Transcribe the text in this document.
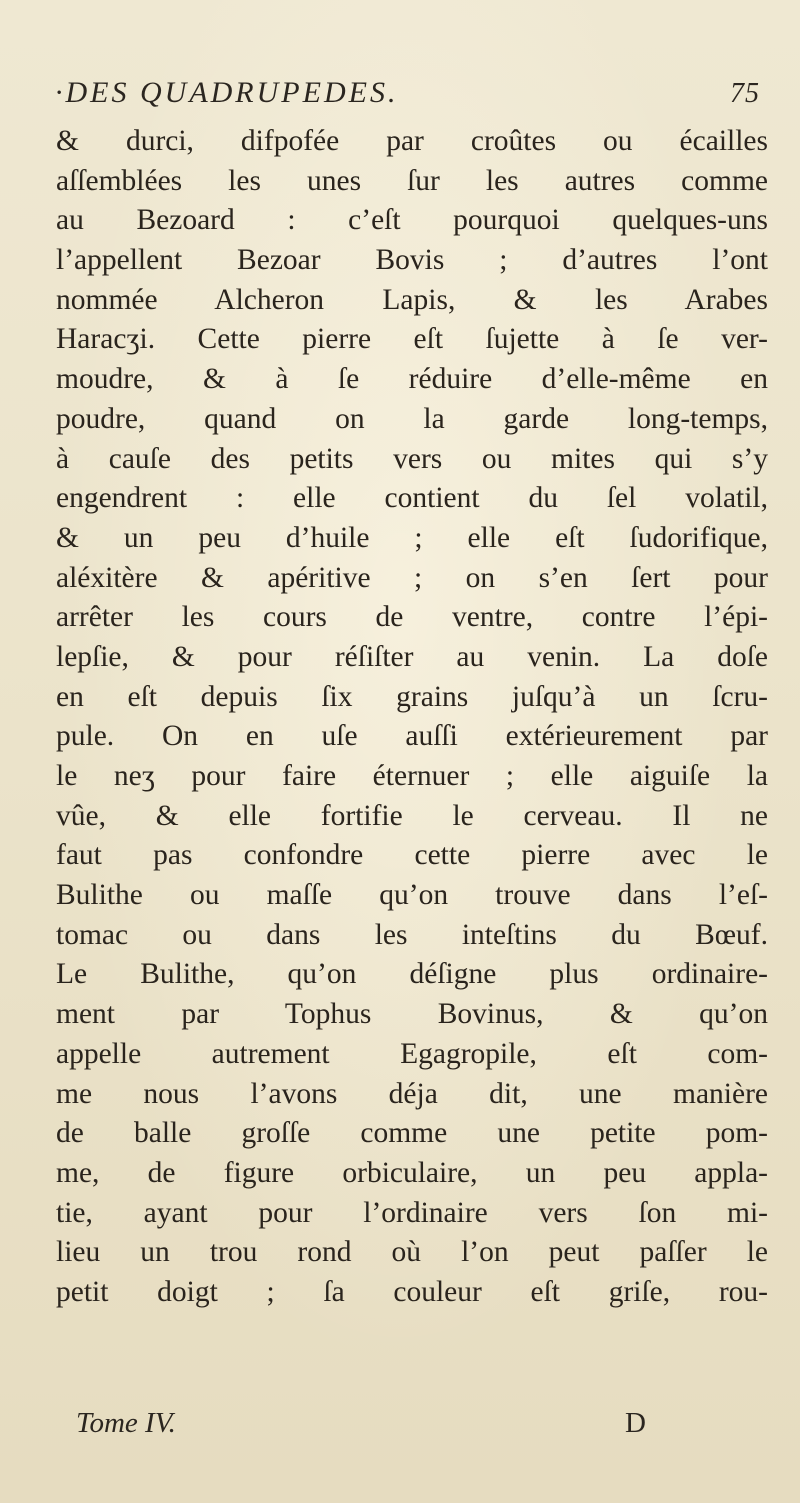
·DES QUADRUPEDES.	75
& durci, difpofée par croûtes ou écailles
aſſemblées les unes ſur les autres comme
au Bezoard : c’eſt pourquoi quelques-uns
l’appellent Bezoar Bovis ; d’autres l’ont
nommée Alcheron Lapis, & les Arabes
Haracʒi. Cette pierre eſt ſujette à ſe ver-
moudre, & à ſe réduire d’elle-même en
poudre, quand on la garde long-temps,
à cauſe des petits vers ou mites qui s’y
engendrent : elle contient du ſel volatil,
& un peu d’huile ; elle eſt ſudorifique,
aléxitère & apéritive ; on s’en ſert pour
arrêter les cours de ventre, contre l’épi-
lepſie, & pour réſiſter au venin. La doſe
en eſt depuis ſix grains juſqu’à un ſcru-
pule. On en uſe auſſi extérieurement par
le neʒ pour faire éternuer ; elle aiguiſe la
vûe, & elle fortifie le cerveau. Il ne
faut pas confondre cette pierre avec le
Bulithe ou maſſe qu’on trouve dans l’eſ-
tomac ou dans les inteſtins du Bœuf.
Le Bulithe, qu’on déſigne plus ordinaire-
ment par Tophus Bovinus, & qu’on
appelle autrement Egagropile, eſt com-
me nous l’avons déja dit, une manière
de balle groſſe comme une petite pom-
me, de figure orbiculaire, un peu appla-
tie, ayant pour l’ordinaire vers ſon mi-
lieu un trou rond où l’on peut paſſer le
petit doigt ; ſa couleur eſt griſe, rou-
Tome IV.	D
